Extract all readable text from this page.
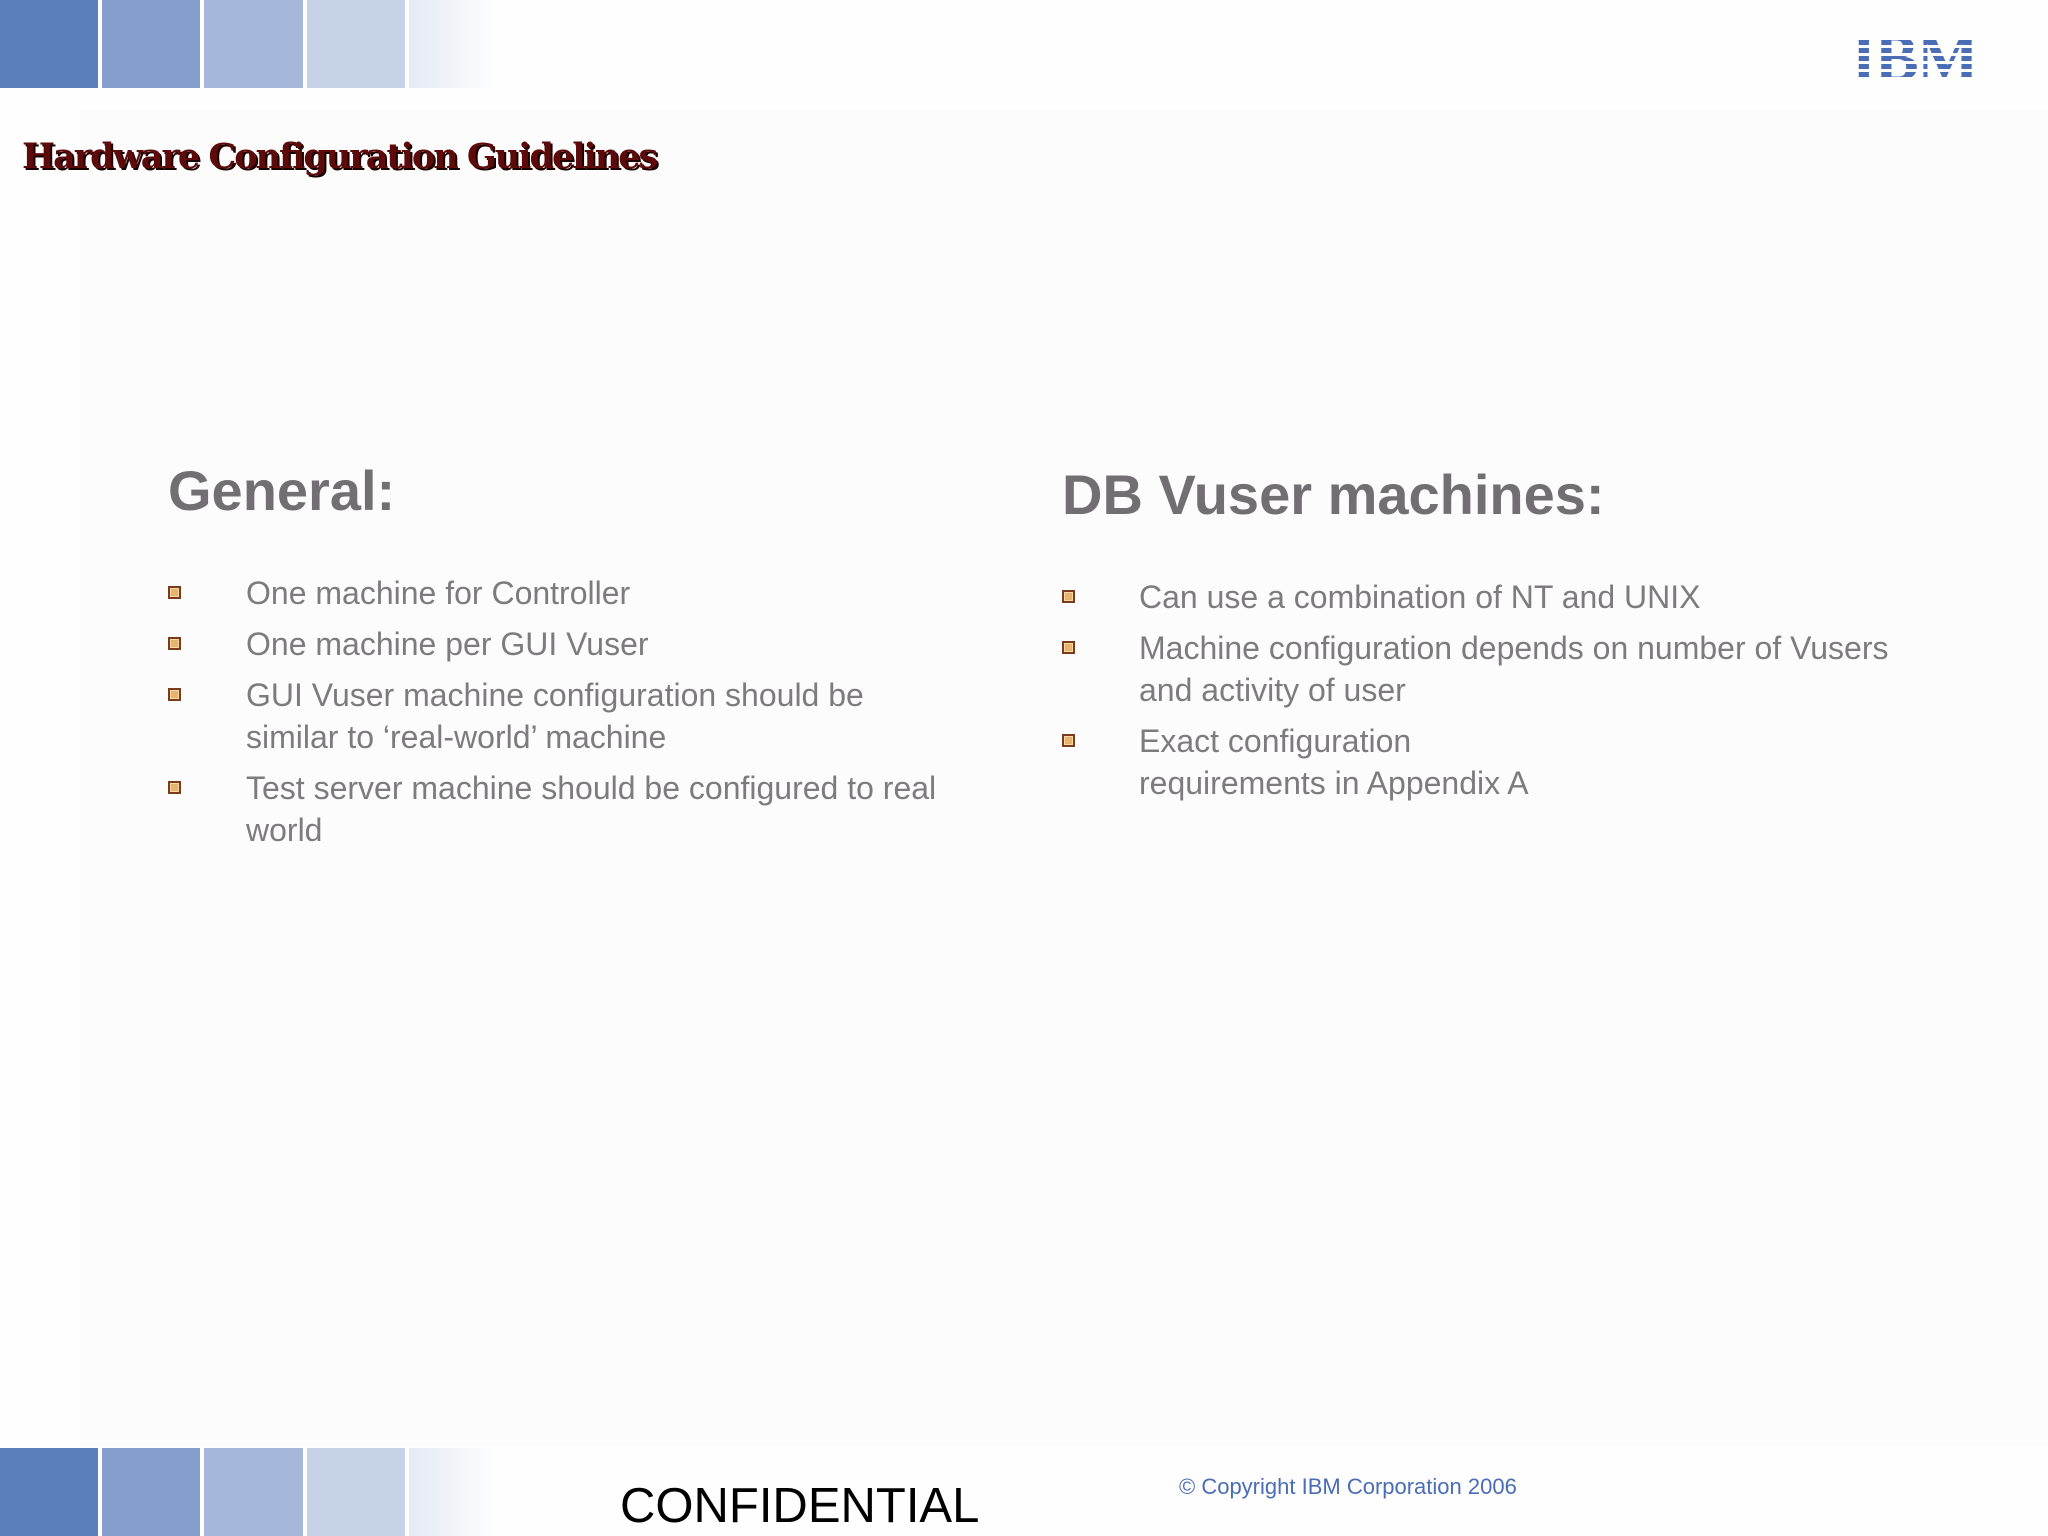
IBM
Hardware Configuration Guidelines
General:
One machine for Controller
One machine per GUI Vuser
GUI Vuser machine configuration should be similar to ‘real-world’ machine
Test server machine should be configured to real world
DB Vuser machines:
Can use a combination of NT and UNIX
Machine configuration depends on number of Vusers and activity of user
Exact configuration requirements in Appendix A
CONFIDENTIAL	© Copyright IBM Corporation 2006
